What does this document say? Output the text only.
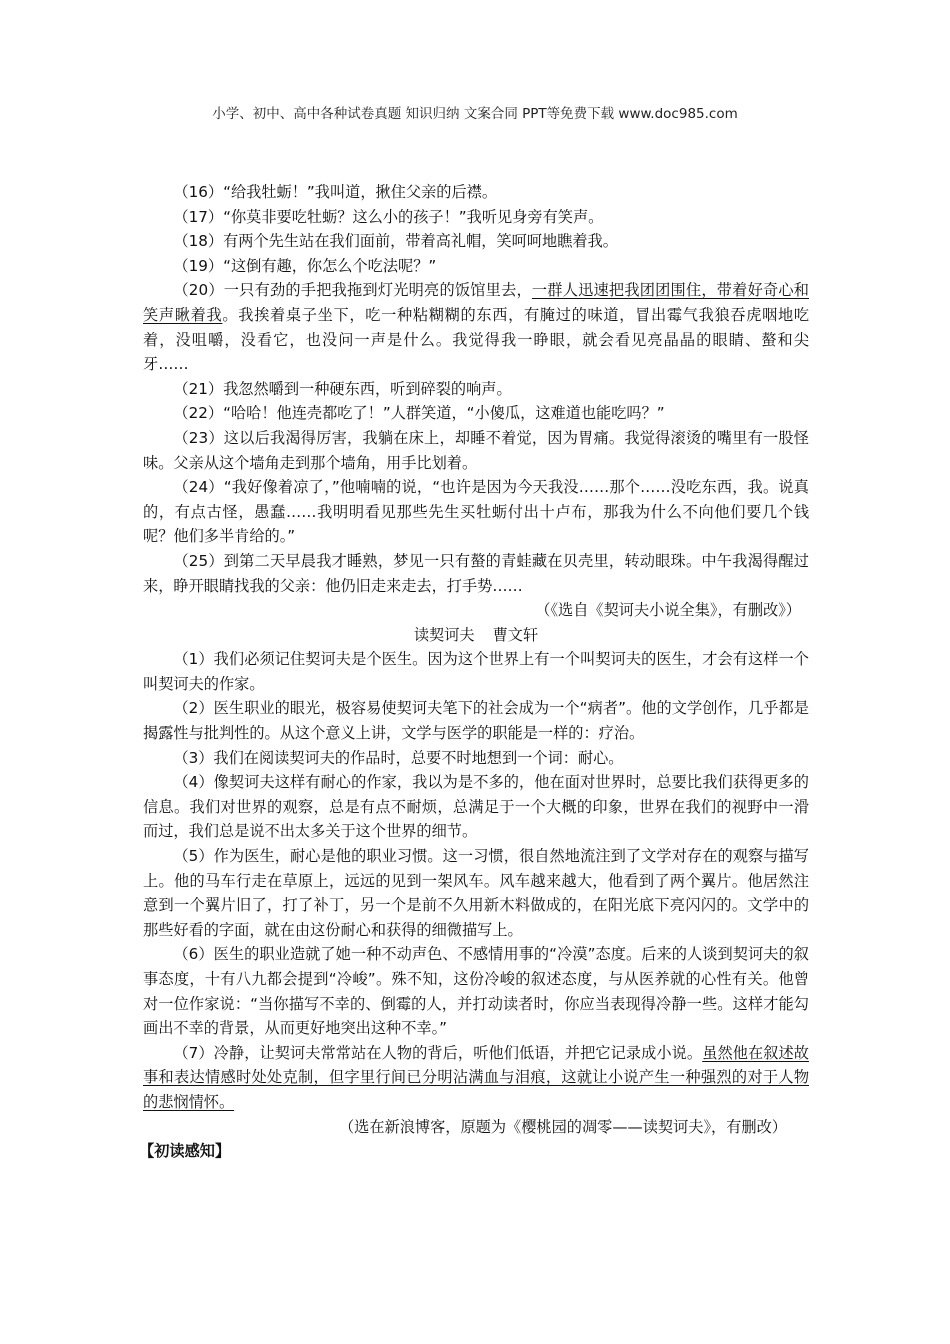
小学、初中、高中各种试卷真题 知识归纳 文案合同 PPT等免费下载 www.doc985.com

（16）“给我牡蛎！”我叫道，揪住父亲的后襟。

（17）“你莫非要吃牡蛎？这么小的孩子！”我听见身旁有笑声。

（18）有两个先生站在我们面前，带着高礼帽，笑呵呵地瞧着我。

（19）“这倒有趣，你怎么个吃法呢？”

（20）一只有劲的手把我拖到灯光明亮的饭馆里去，一群人迅速把我团团围住，带着好奇心和笑声瞅着我。我挨着桌子坐下，吃一种粘糊糊的东西，有腌过的味道，冒出霉气我狼吞虎咽地吃着，没咀嚼，没看它，也没问一声是什么。我觉得我一睁眼，就会看见亮晶晶的眼睛、螯和尖牙……

（21）我忽然嚼到一种硬东西，听到碎裂的响声。

（22）“哈哈！他连壳都吃了！”人群笑道，“小傻瓜，这难道也能吃吗？”

（23）这以后我渴得厉害，我躺在床上，却睡不着觉，因为胃痛。我觉得滚烫的嘴里有一股怪味。父亲从这个墙角走到那个墙角，用手比划着。

（24）“我好像着凉了，”他喃喃的说，“也许是因为今天我没……那个……没吃东西，我。说真的，有点古怪，愚蠢……我明明看见那些先生买牡蛎付出十卢布，那我为什么不向他们要几个钱呢？他们多半肯给的。”

（25）到第二天早晨我才睡熟，梦见一只有螯的青蛙藏在贝壳里，转动眼珠。中午我渴得醒过来，睁开眼睛找我的父亲：他仍旧走来走去，打手势……

（《选自《契诃夫小说全集》，有删改》）

读契诃夫 曹文轩

（1）我们必须记住契诃夫是个医生。因为这个世界上有一个叫契诃夫的医生，才会有这样一个叫契诃夫的作家。

（2）医生职业的眼光，极容易使契诃夫笔下的社会成为一个“病者”。他的文学创作，几乎都是揭露性与批判性的。从这个意义上讲，文学与医学的职能是一样的：疗治。

（3）我们在阅读契诃夫的作品时，总要不时地想到一个词：耐心。

（4）像契诃夫这样有耐心的作家，我以为是不多的，他在面对世界时，总要比我们获得更多的信息。我们对世界的观察，总是有点不耐烦，总满足于一个大概的印象，世界在我们的视野中一滑而过，我们总是说不出太多关于这个世界的细节。

（5）作为医生，耐心是他的职业习惯。这一习惯，很自然地流注到了文学对存在的观察与描写上。他的马车行走在草原上，远远的见到一架风车。风车越来越大，他看到了两个翼片。他居然注意到一个翼片旧了，打了补丁，另一个是前不久用新木料做成的，在阳光底下亮闪闪的。文学中的那些好看的字面，就在由这份耐心和获得的细微描写上。

（6）医生的职业造就了她一种不动声色、不感情用事的“冷漠”态度。后来的人谈到契诃夫的叙事态度，十有八九都会提到“冷峻”。殊不知，这份冷峻的叙述态度，与从医养就的心性有关。他曾对一位作家说：“当你描写不幸的、倒霉的人，并打动读者时，你应当表现得冷静一些。这样才能勾画出不幸的背景，从而更好地突出这种不幸。”

（7）冷静，让契诃夫常常站在人物的背后，听他们低语，并把它记录成小说。虽然他在叙述故事和表达情感时处处克制，但字里行间已分明沾满血与泪痕，这就让小说产生一种强烈的对于人物的悲悯情怀。

（选在新浪博客，原题为《樱桃园的凋零——读契诃夫》，有删改）

【初读感知】
